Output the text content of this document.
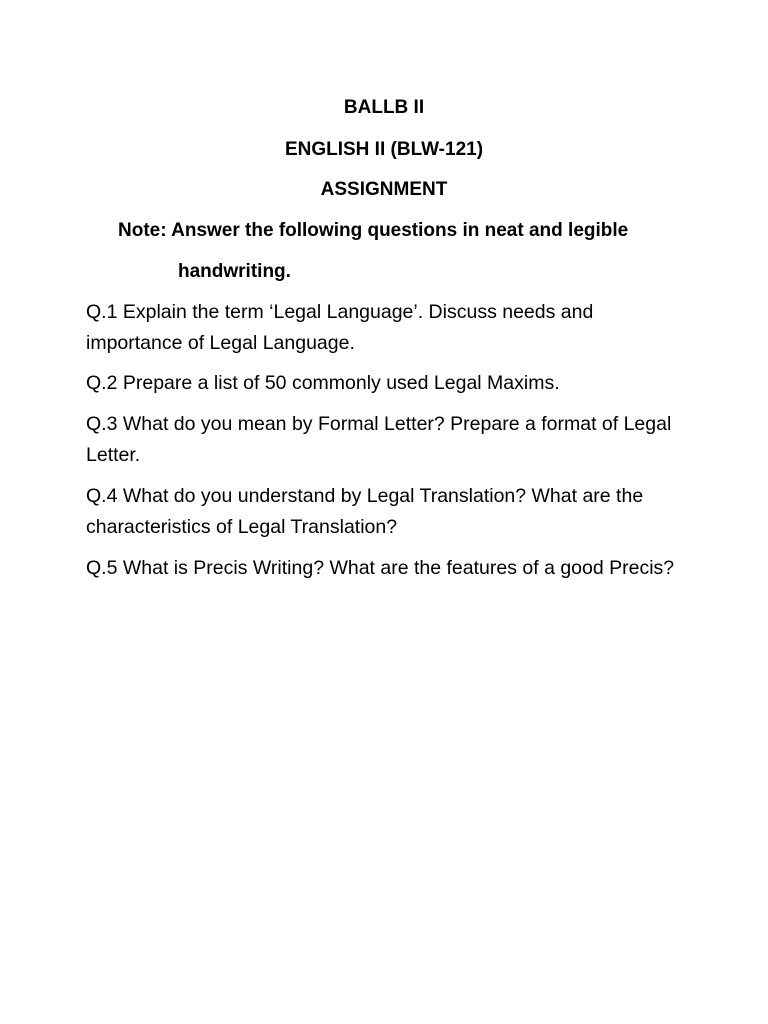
BALLB II
ENGLISH II (BLW-121)
ASSIGNMENT
Note: Answer the following questions in neat and legible
handwriting.
Q.1 Explain the term ‘Legal Language’. Discuss needs and importance of Legal Language.
Q.2 Prepare a list of 50 commonly used Legal Maxims.
Q.3 What do you mean by Formal Letter? Prepare a format of Legal Letter.
Q.4 What do you understand by Legal Translation? What are the characteristics of Legal Translation?
Q.5 What is Precis Writing? What are the features of a good Precis?
